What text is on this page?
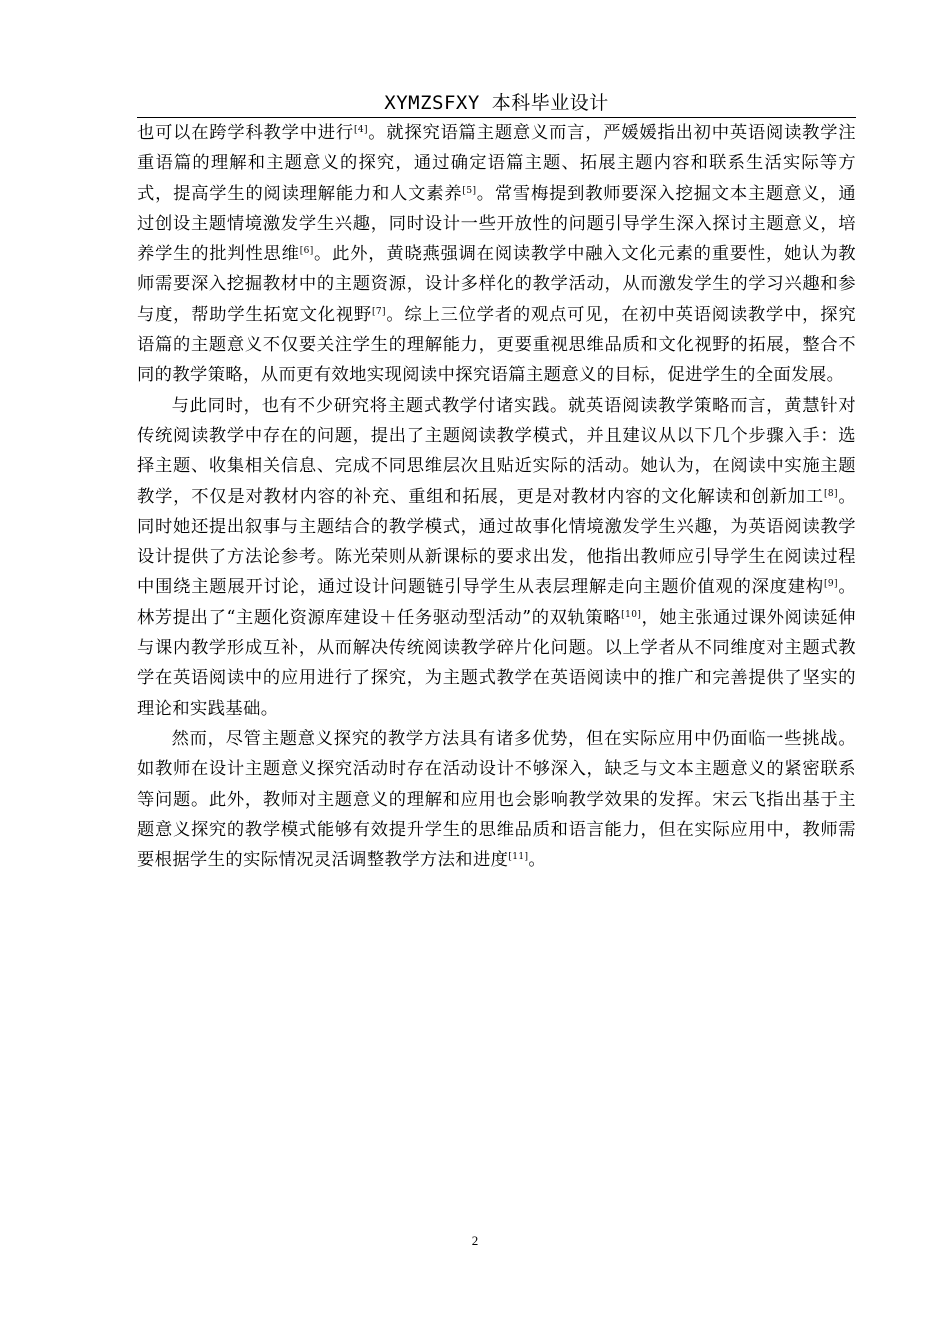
XYMZSFXY 本科毕业设计

也可以在跨学科教学中进行[4]。就探究语篇主题意义而言，严媛媛指出初中英语阅读教学注重语篇的理解和主题意义的探究，通过确定语篇主题、拓展主题内容和联系生活实际等方式，提高学生的阅读理解能力和人文素养[5]。常雪梅提到教师要深入挖掘文本主题意义，通过创设主题情境激发学生兴趣，同时设计一些开放性的问题引导学生深入探讨主题意义，培养学生的批判性思维[6]。此外，黄晓燕强调在阅读教学中融入文化元素的重要性，她认为教师需要深入挖掘教材中的主题资源，设计多样化的教学活动，从而激发学生的学习兴趣和参与度，帮助学生拓宽文化视野[7]。综上三位学者的观点可见，在初中英语阅读教学中，探究语篇的主题意义不仅要关注学生的理解能力，更要重视思维品质和文化视野的拓展，整合不同的教学策略，从而更有效地实现阅读中探究语篇主题意义的目标，促进学生的全面发展。

与此同时，也有不少研究将主题式教学付诸实践。就英语阅读教学策略而言，黄慧针对传统阅读教学中存在的问题，提出了主题阅读教学模式，并且建议从以下几个步骤入手：选择主题、收集相关信息、完成不同思维层次且贴近实际的活动。她认为，在阅读中实施主题教学，不仅是对教材内容的补充、重组和拓展，更是对教材内容的文化解读和创新加工[8]。同时她还提出叙事与主题结合的教学模式，通过故事化情境激发学生兴趣，为英语阅读教学设计提供了方法论参考。陈光荣则从新课标的要求出发，他指出教师应引导学生在阅读过程中围绕主题展开讨论，通过设计问题链引导学生从表层理解走向主题价值观的深度建构[9]。林芳提出了“主题化资源库建设＋任务驱动型活动”的双轨策略[10]，她主张通过课外阅读延伸与课内教学形成互补，从而解决传统阅读教学碎片化问题。以上学者从不同维度对主题式教学在英语阅读中的应用进行了探究，为主题式教学在英语阅读中的推广和完善提供了坚实的理论和实践基础。

然而，尽管主题意义探究的教学方法具有诸多优势，但在实际应用中仍面临一些挑战。如教师在设计主题意义探究活动时存在活动设计不够深入，缺乏与文本主题意义的紧密联系等问题。此外，教师对主题意义的理解和应用也会影响教学效果的发挥。宋云飞指出基于主题意义探究的教学模式能够有效提升学生的思维品质和语言能力，但在实际应用中，教师需要根据学生的实际情况灵活调整教学方法和进度[11]。

2
